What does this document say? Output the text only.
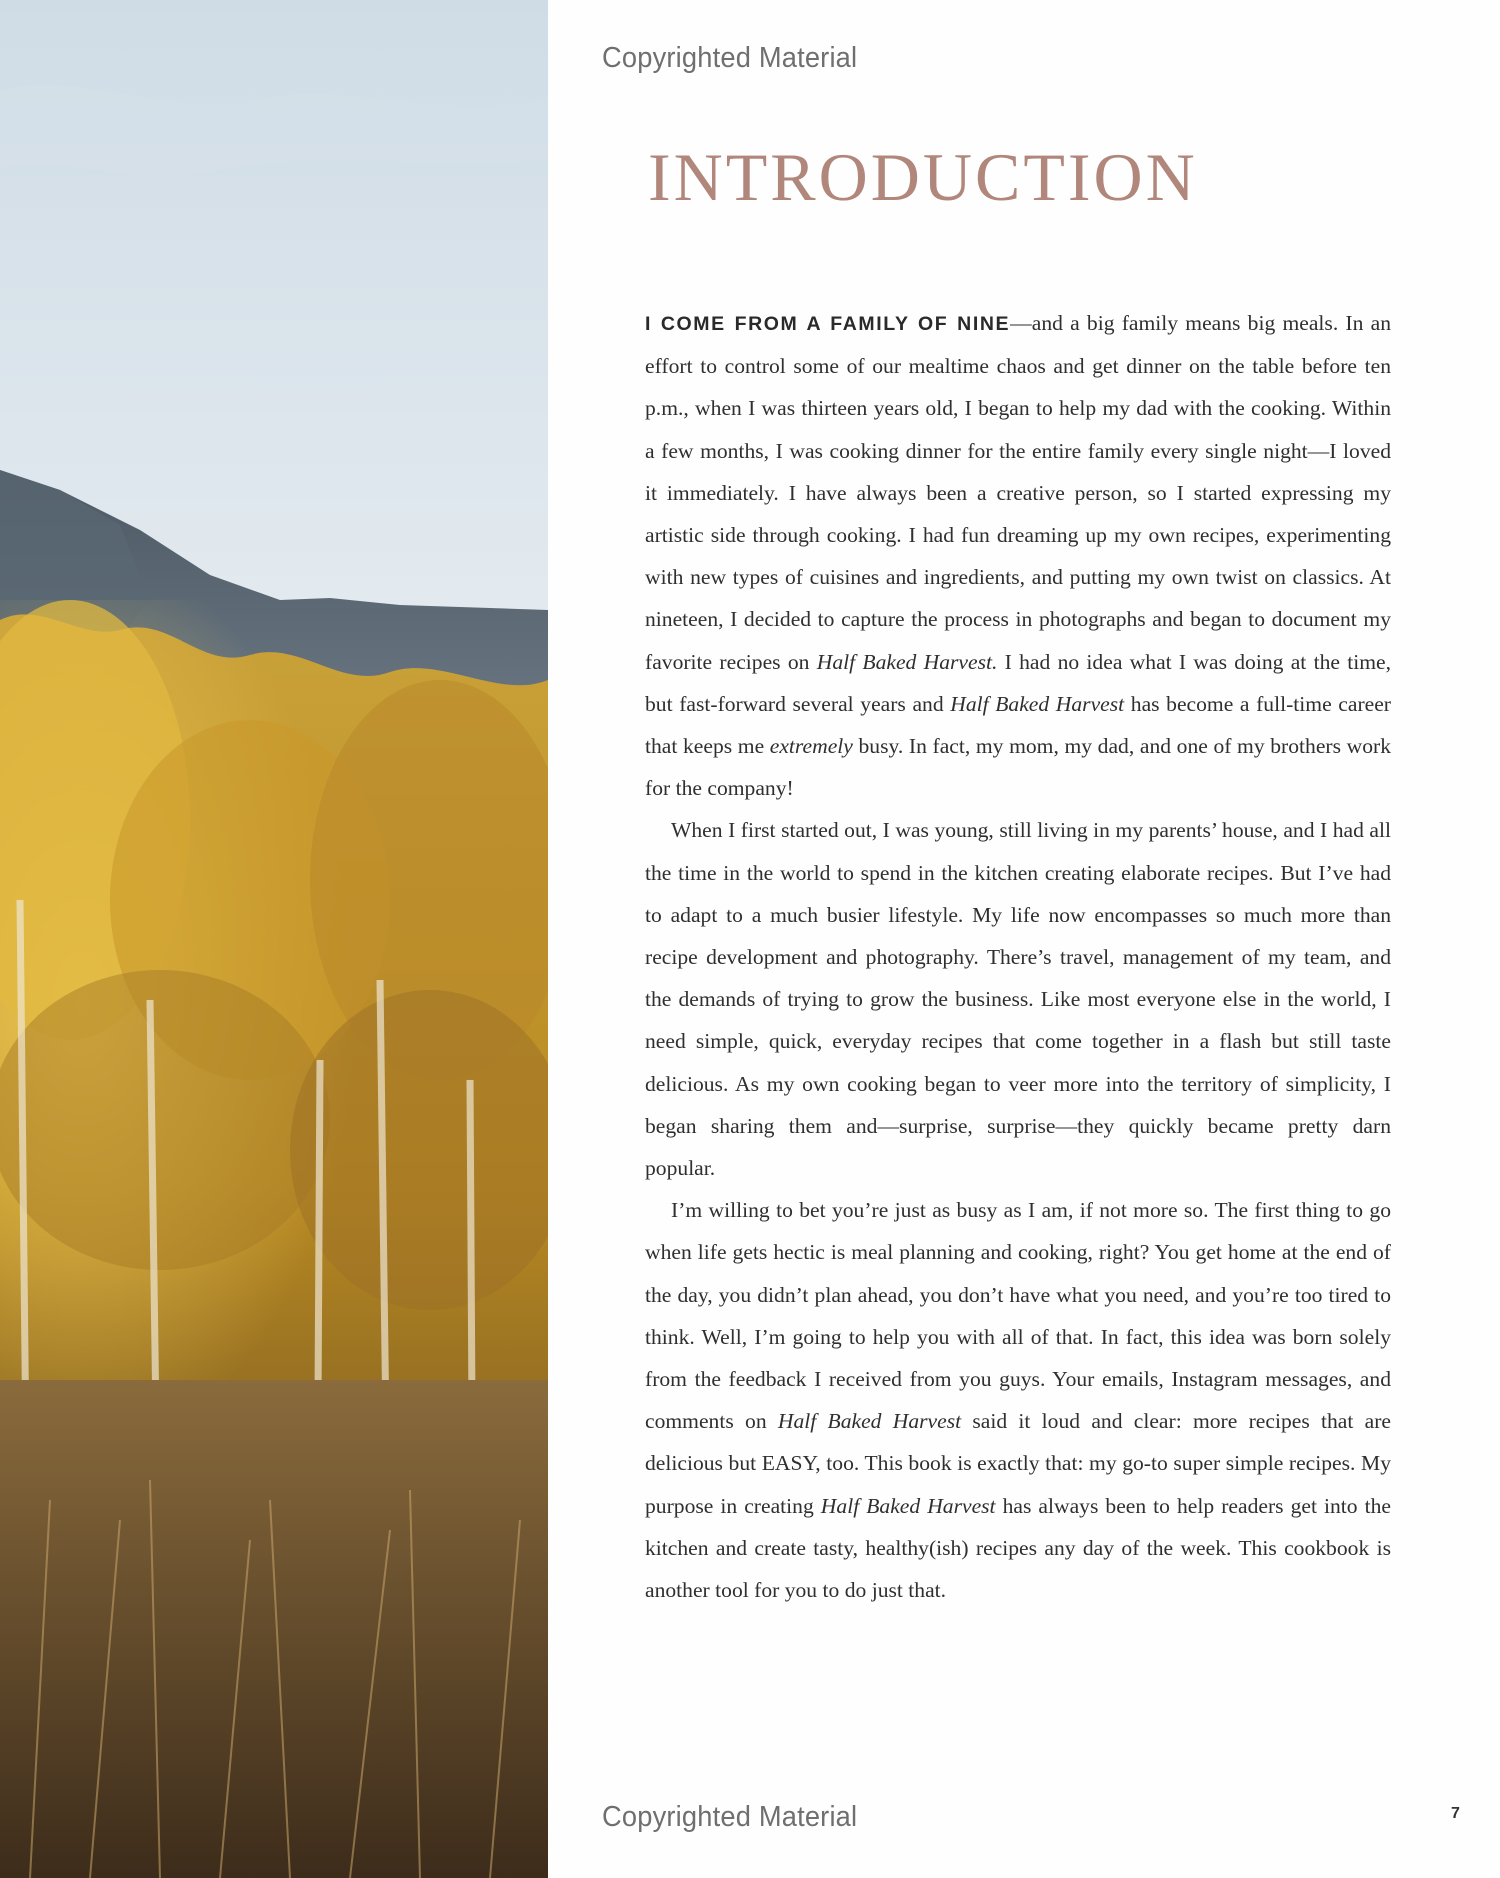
Copyrighted Material
INTRODUCTION

I COME FROM A FAMILY OF NINE—and a big family means big meals. In an effort to control some of our mealtime chaos and get dinner on the table before ten p.m., when I was thirteen years old, I began to help my dad with the cooking. Within a few months, I was cooking dinner for the entire family every single night—I loved it immediately. I have always been a creative person, so I started expressing my artistic side through cooking. I had fun dreaming up my own recipes, experimenting with new types of cuisines and ingredients, and putting my own twist on classics. At nineteen, I decided to capture the process in photographs and began to document my favorite recipes on Half Baked Harvest. I had no idea what I was doing at the time, but fast-forward several years and Half Baked Harvest has become a full-time career that keeps me extremely busy. In fact, my mom, my dad, and one of my brothers work for the company!

When I first started out, I was young, still living in my parents’ house, and I had all the time in the world to spend in the kitchen creating elaborate recipes. But I’ve had to adapt to a much busier lifestyle. My life now encompasses so much more than recipe development and photography. There’s travel, management of my team, and the demands of trying to grow the business. Like most everyone else in the world, I need simple, quick, everyday recipes that come together in a flash but still taste delicious. As my own cooking began to veer more into the territory of simplicity, I began sharing them and—surprise, surprise—they quickly became pretty darn popular.

I’m willing to bet you’re just as busy as I am, if not more so. The first thing to go when life gets hectic is meal planning and cooking, right? You get home at the end of the day, you didn’t plan ahead, you don’t have what you need, and you’re too tired to think. Well, I’m going to help you with all of that. In fact, this idea was born solely from the feedback I received from you guys. Your emails, Instagram messages, and comments on Half Baked Harvest said it loud and clear: more recipes that are delicious but EASY, too. This book is exactly that: my go-to super simple recipes. My purpose in creating Half Baked Harvest has always been to help readers get into the kitchen and create tasty, healthy(ish) recipes any day of the week. This cookbook is another tool for you to do just that.

Copyrighted Material	7
